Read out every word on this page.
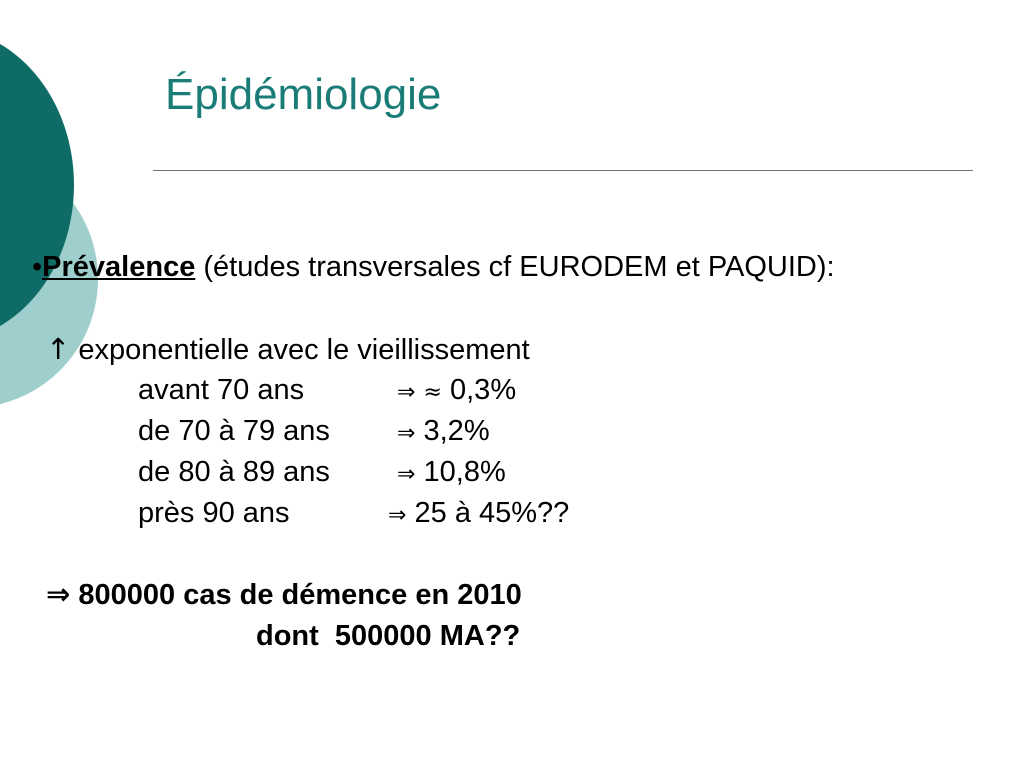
Épidémiologie
•Prévalence (études transversales cf EURODEM et PAQUID):
↑ exponentielle avec le vieillissement
avant 70 ans	⇒ ≈ 0,3%
de 70 à 79 ans	⇒ 3,2%
de 80 à 89 ans	⇒ 10,8%
près 90 ans	⇒ 25 à 45%??
⇒ 800000 cas de démence en 2010
dont  500000 MA??
